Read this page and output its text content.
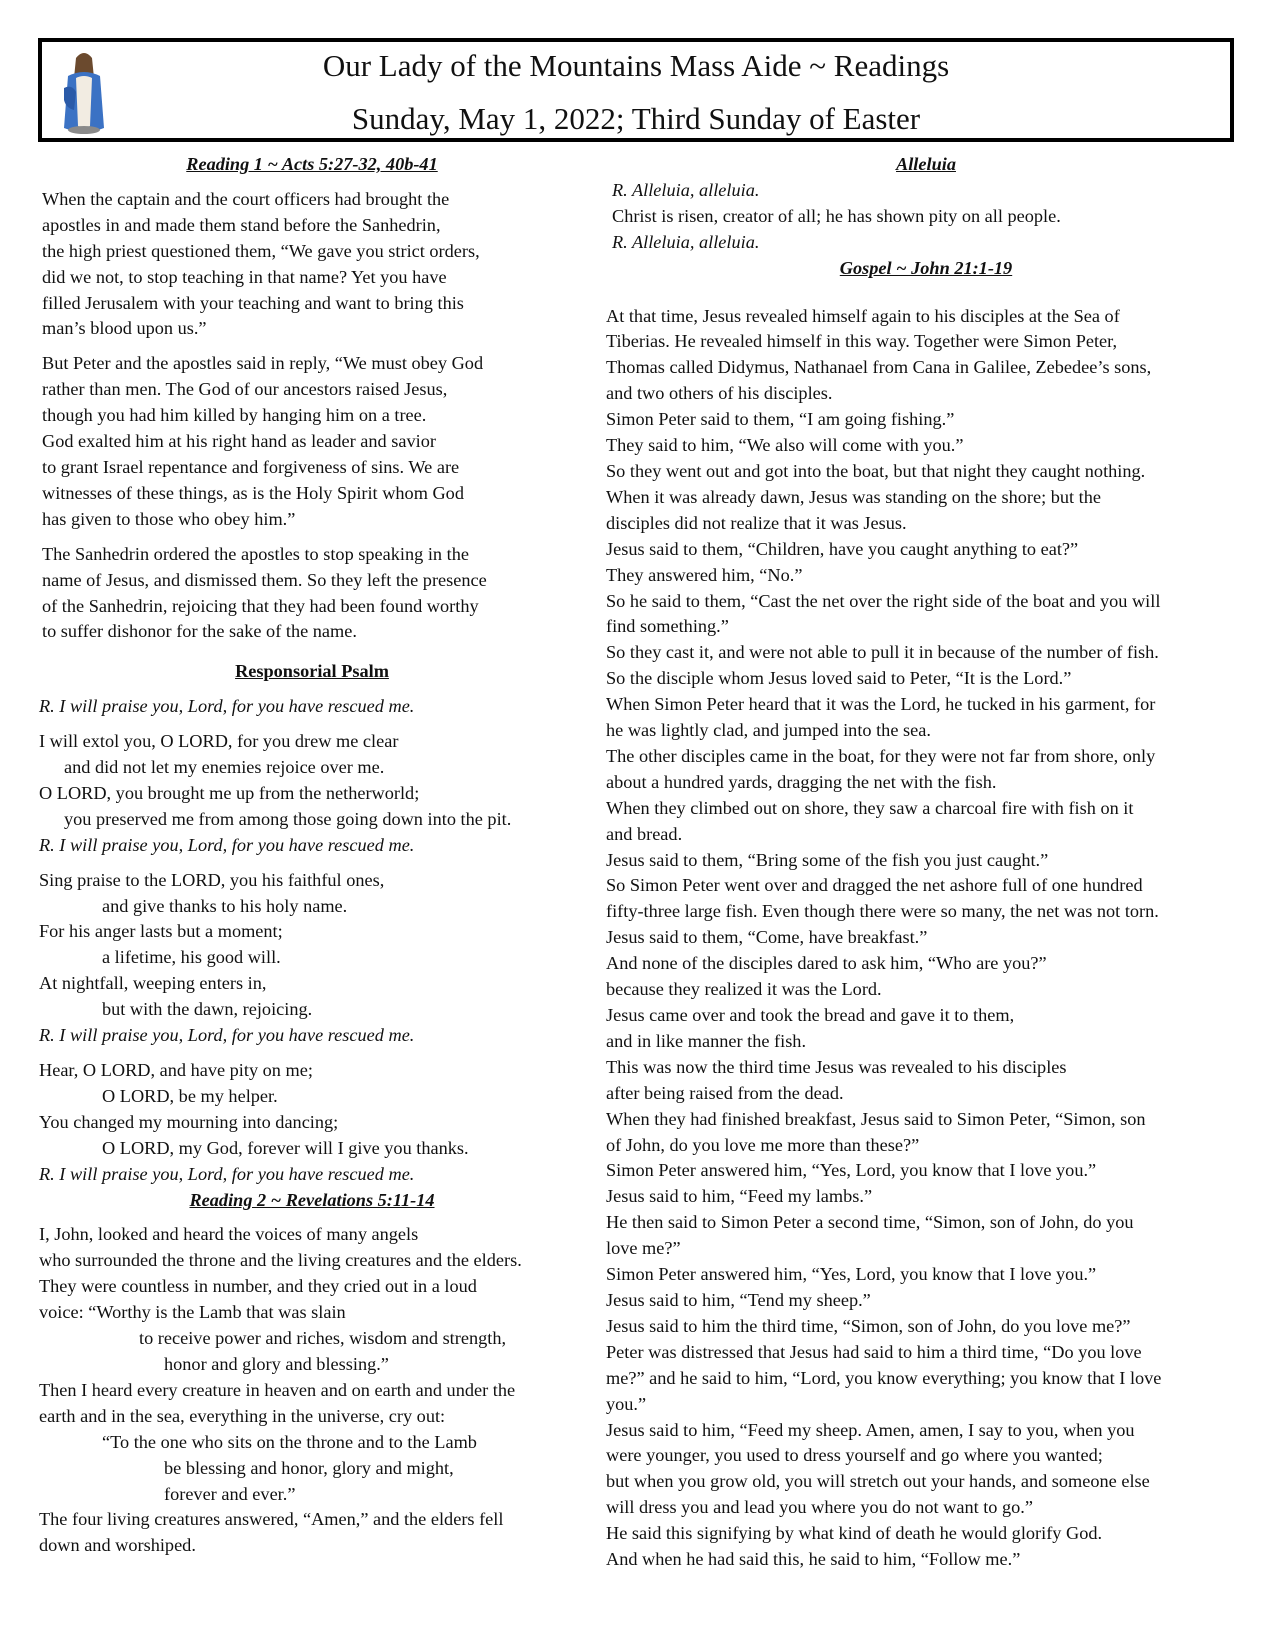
Our Lady of the Mountains Mass Aide ~ Readings
Sunday, May 1, 2022; Third Sunday of Easter
Reading 1 ~ Acts 5:27-32, 40b-41
When the captain and the court officers had brought the
apostles in and made them stand before the Sanhedrin,
the high priest questioned them, “We gave you strict orders,
did we not, to stop teaching in that name? Yet you have
filled Jerusalem with your teaching and want to bring this
man’s blood upon us.”
But Peter and the apostles said in reply, “We must obey God
rather than men. The God of our ancestors raised Jesus,
though you had him killed by hanging him on a tree.
God exalted him at his right hand as leader and savior
to grant Israel repentance and forgiveness of sins. We are
witnesses of these things, as is the Holy Spirit whom God
has given to those who obey him.”
The Sanhedrin ordered the apostles to stop speaking in the
name of Jesus, and dismissed them. So they left the presence
of the Sanhedrin, rejoicing that they had been found worthy
to suffer dishonor for the sake of the name.
Responsorial Psalm
R. I will praise you, Lord, for you have rescued me.
I will extol you, O LORD, for you drew me clear
and did not let my enemies rejoice over me.
O LORD, you brought me up from the netherworld;
you preserved me from among those going down into the pit.
R. I will praise you, Lord, for you have rescued me.
Sing praise to the LORD, you his faithful ones,
and give thanks to his holy name.
For his anger lasts but a moment;
a lifetime, his good will.
At nightfall, weeping enters in,
but with the dawn, rejoicing.
R. I will praise you, Lord, for you have rescued me.
Hear, O LORD, and have pity on me;
O LORD, be my helper.
You changed my mourning into dancing;
O LORD, my God, forever will I give you thanks.
R. I will praise you, Lord, for you have rescued me.
Reading 2 ~ Revelations 5:11-14
I, John, looked and heard the voices of many angels
who surrounded the throne and the living creatures and the elders.
They were countless in number, and they cried out in a loud
voice: “Worthy is the Lamb that was slain
to receive power and riches, wisdom and strength,
honor and glory and blessing.”
Then I heard every creature in heaven and on earth and under the
earth and in the sea, everything in the universe, cry out:
“To the one who sits on the throne and to the Lamb
be blessing and honor, glory and might,
forever and ever.”
The four living creatures answered, “Amen,” and the elders fell
down and worshiped.
Alleluia
R. Alleluia, alleluia.
Christ is risen, creator of all; he has shown pity on all people.
R. Alleluia, alleluia.
Gospel ~ John 21:1-19
At that time, Jesus revealed himself again to his disciples at the Sea of
Tiberias. He revealed himself in this way. Together were Simon Peter,
Thomas called Didymus, Nathanael from Cana in Galilee, Zebedee’s sons,
and two others of his disciples.
Simon Peter said to them, “I am going fishing.”
They said to him, “We also will come with you.”
So they went out and got into the boat, but that night they caught nothing.
When it was already dawn, Jesus was standing on the shore; but the
disciples did not realize that it was Jesus.
Jesus said to them, “Children, have you caught anything to eat?”
They answered him, “No.”
So he said to them, “Cast the net over the right side of the boat and you will
find something.”
So they cast it, and were not able to pull it in because of the number of fish.
So the disciple whom Jesus loved said to Peter, “It is the Lord.”
When Simon Peter heard that it was the Lord, he tucked in his garment, for
he was lightly clad, and jumped into the sea.
The other disciples came in the boat, for they were not far from shore, only
about a hundred yards, dragging the net with the fish.
When they climbed out on shore, they saw a charcoal fire with fish on it
and bread.
Jesus said to them, “Bring some of the fish you just caught.”
So Simon Peter went over and dragged the net ashore full of one hundred
fifty-three large fish. Even though there were so many, the net was not torn.
Jesus said to them, “Come, have breakfast.”
And none of the disciples dared to ask him, “Who are you?”
because they realized it was the Lord.
Jesus came over and took the bread and gave it to them,
and in like manner the fish.
This was now the third time Jesus was revealed to his disciples
after being raised from the dead.
When they had finished breakfast, Jesus said to Simon Peter, “Simon, son
of John, do you love me more than these?”
Simon Peter answered him, “Yes, Lord, you know that I love you.”
Jesus said to him, “Feed my lambs.”
He then said to Simon Peter a second time, “Simon, son of John, do you
love me?”
Simon Peter answered him, “Yes, Lord, you know that I love you.”
Jesus said to him, “Tend my sheep.”
Jesus said to him the third time, “Simon, son of John, do you love me?”
Peter was distressed that Jesus had said to him a third time, “Do you love
me?” and he said to him, “Lord, you know everything; you know that I love
you.”
Jesus said to him, “Feed my sheep. Amen, amen, I say to you, when you
were younger, you used to dress yourself and go where you wanted;
but when you grow old, you will stretch out your hands, and someone else
will dress you and lead you where you do not want to go.”
He said this signifying by what kind of death he would glorify God.
And when he had said this, he said to him, “Follow me.”
